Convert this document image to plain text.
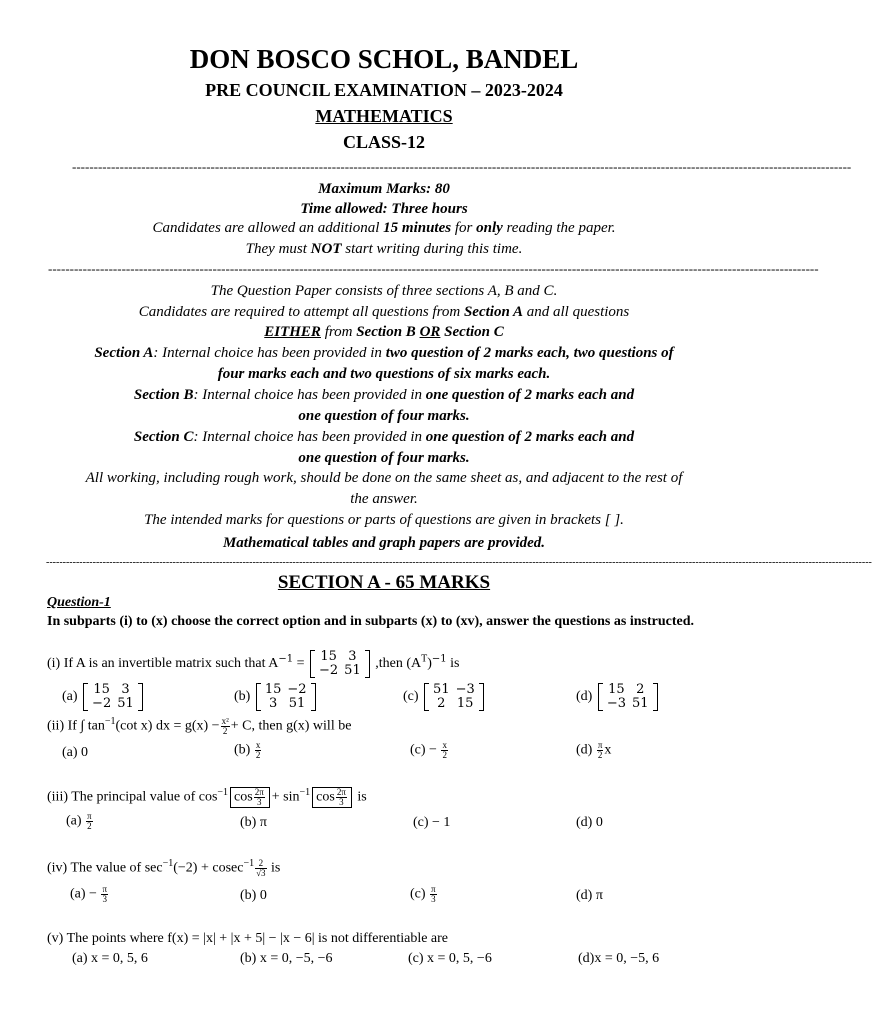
DON BOSCO SCHOL, BANDEL
PRE COUNCIL EXAMINATION – 2023-2024
MATHEMATICS
CLASS-12
------------------------------------------------------------------------------------------------------------------------------------------------------------------------------------
Maximum Marks: 80
Time allowed: Three hours
Candidates are allowed an additional 15 minutes for only reading the paper.
They must NOT start writing during this time.
----------------------------------------------------------------------------------------------------------------------------------------------------------------------------------
The Question Paper consists of three sections A, B and C.
Candidates are required to attempt all questions from Section A and all questions
EITHER from Section B OR Section C
Section A: Internal choice has been provided in two question of 2 marks each, two questions of
four marks each and two questions of six marks each.
Section B: Internal choice has been provided in one question of 2 marks each and
one question of four marks.
Section C: Internal choice has been provided in one question of 2 marks each and
one question of four marks.
All working, including rough work, should be done on the same sheet as, and adjacent to the rest of
the answer.
The intended marks for questions or parts of questions are given in brackets [ ].
Mathematical tables and graph papers are provided.
--------------------------------------------------------------------------------------------------------------------------------------------------------------------------------------------------------------------------------------------------------
SECTION A - 65 MARKS
Question-1
In subparts (i) to (x) choose the correct option and in subparts (x) to (xv), answer the questions as instructed.
(i) If A is an invertible matrix such that $A^{-1} = 15$	3
−2	51 ,then $(A^T)^{-1}$ is
(a) 15	3
−2	51	(b) 15	−2
3	51	(c) 51	−3
2	15	(d) 15	2
−3	51
(ii) If ∫ $\tan^{-1}(\cot$ x) dx = $g(x) - \frac{\text{x²}}{2} + C$, then g(x) will be
(a) 0	$(b) \frac{x}{2}$	$(c) - \frac{x}{2}$	$(d) \frac{\pi}{2}$ x
(iii) The principal value of $\cos^{-1} \cos \frac{2\pi}{3} + \sin^{-1} \cos \frac{2\pi}{3}$ is
$(a) \frac{\pi}{2}$	(b) π	(c) − 1	(d) 0
(iv) The value of $\sec^{-1}(-2) + cosec^{-1} \frac{2}{√3}$ is
$(a) - \frac{\pi}{3}$	(b) 0	$(c) \frac{\pi}{3}$	(d) π
(v) The points where f(x) = |x| + |x + 5| − |x − 6| is not differentiable are
(a) x = 0, 5, 6	(b) x = 0, −5, −6	(c) x = 0, 5, −6	(d)x = 0, −5, 6
